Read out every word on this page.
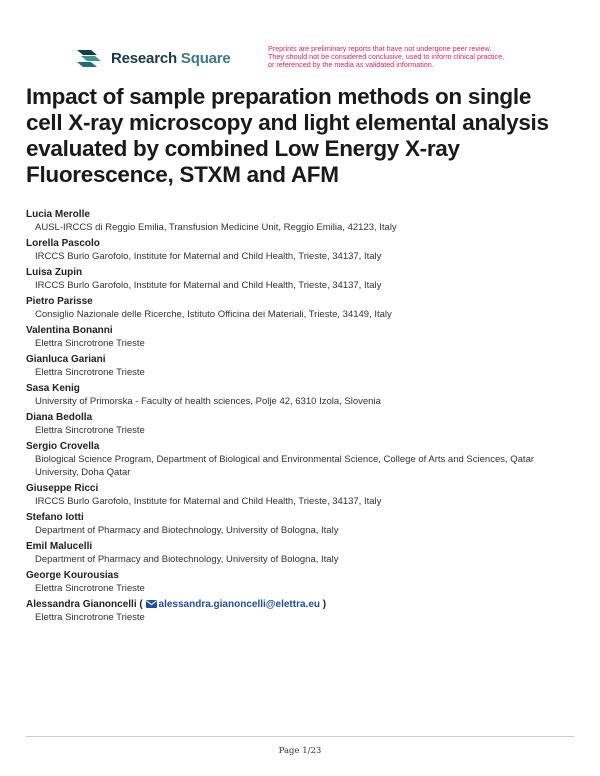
Research Square
Preprints are preliminary reports that have not undergone peer review.
They should not be considered conclusive, used to inform clinical practice,
or referenced by the media as validated information.
Impact of sample preparation methods on single cell X-ray microscopy and light elemental analysis evaluated by combined Low Energy X-ray Fluorescence, STXM and AFM
Lucia Merolle
AUSL-IRCCS di Reggio Emilia, Transfusion Medicine Unit, Reggio Emilia, 42123, Italy
Lorella Pascolo
IRCCS Burlo Garofolo, Institute for Maternal and Child Health, Trieste, 34137, Italy
Luisa Zupin
IRCCS Burlo Garofolo, Institute for Maternal and Child Health, Trieste, 34137, Italy
Pietro Parisse
Consiglio Nazionale delle Ricerche, Istituto Officina dei Materiali, Trieste, 34149, Italy
Valentina Bonanni
Elettra Sincrotrone Trieste
Gianluca Gariani
Elettra Sincrotrone Trieste
Sasa Kenig
University of Primorska - Faculty of health sciences, Polje 42, 6310 Izola, Slovenia
Diana Bedolla
Elettra Sincrotrone Trieste
Sergio Crovella
Biological Science Program, Department of Biological and Environmental Science, College of Arts and Sciences, Qatar University, Doha Qatar
Giuseppe Ricci
IRCCS Burlo Garofolo, Institute for Maternal and Child Health, Trieste, 34137, Italy
Stefano Iotti
Department of Pharmacy and Biotechnology, University of Bologna, Italy
Emil Malucelli
Department of Pharmacy and Biotechnology, University of Bologna, Italy
George Kourousias
Elettra Sincrotrone Trieste
Alessandra Gianoncelli ( alessandra.gianoncelli@elettra.eu )
Elettra Sincrotrone Trieste
Page 1/23
